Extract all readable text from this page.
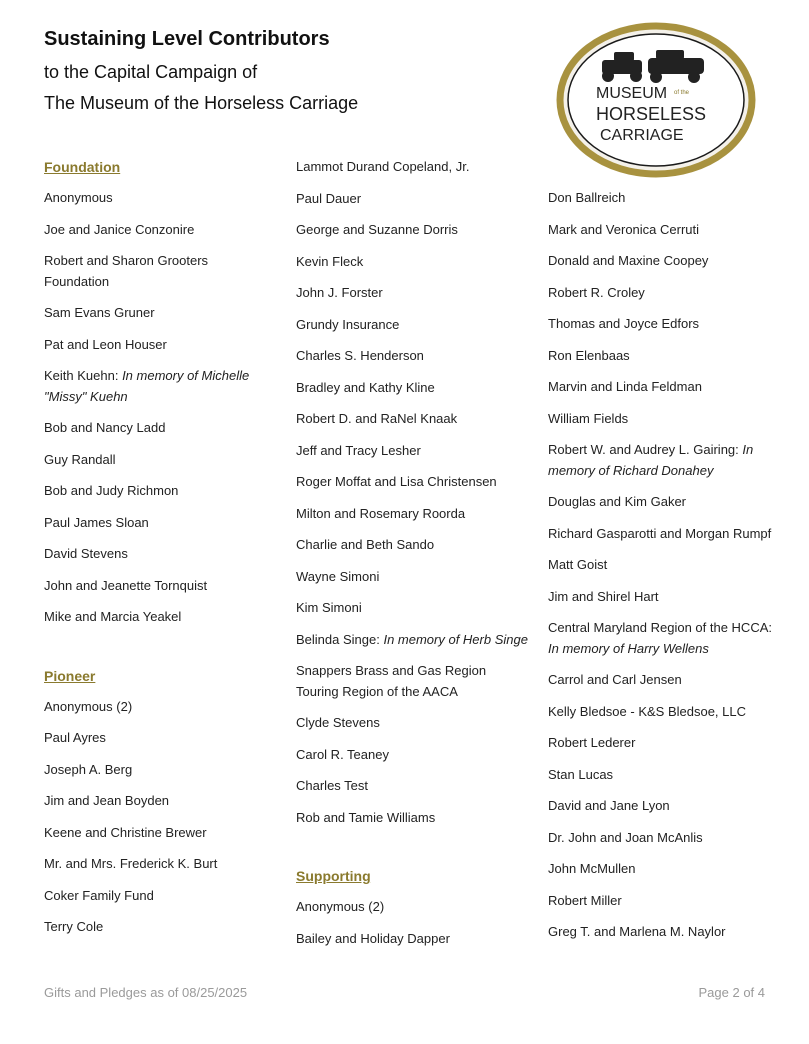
Sustaining Level Contributors
to the Capital Campaign of
The Museum of the Horseless Carriage	MUSEUM of the
HORSELESS
CARRIAGE
Foundation
Anonymous
Joe and Janice Conzonire
Robert and Sharon Grooters Foundation
Sam Evans Gruner
Pat and Leon Houser
Keith Kuehn: In memory of Michelle "Missy" Kuehn
Bob and Nancy Ladd
Guy Randall
Bob and Judy Richmon
Paul James Sloan
David Stevens
John and Jeanette Tornquist
Mike and Marcia Yeakel
Pioneer
Anonymous (2)
Paul Ayres
Joseph A. Berg
Jim and Jean Boyden
Keene and Christine Brewer
Mr. and Mrs. Frederick K. Burt
Coker Family Fund
Terry Cole
Lammot Durand Copeland, Jr.
Paul Dauer
George and Suzanne Dorris
Kevin Fleck
John J. Forster
Grundy Insurance
Charles S. Henderson
Bradley and Kathy Kline
Robert D. and RaNel Knaak
Jeff and Tracy Lesher
Roger Moffat and Lisa Christensen
Milton and Rosemary Roorda
Charlie and Beth Sando
Wayne Simoni
Kim Simoni
Belinda Singe: In memory of Herb Singe
Snappers Brass and Gas Region Touring Region of the AACA
Clyde Stevens
Carol R. Teaney
Charles Test
Rob and Tamie Williams
Supporting
Anonymous (2)
Bailey and Holiday Dapper
Don Ballreich
Mark and Veronica Cerruti
Donald and Maxine Coopey
Robert R. Croley
Thomas and Joyce Edfors
Ron Elenbaas
Marvin and Linda Feldman
William Fields
Robert W. and Audrey L. Gairing: In memory of Richard Donahey
Douglas and Kim Gaker
Richard Gasparotti and Morgan Rumpf
Matt Goist
Jim and Shirel Hart
Central Maryland Region of the HCCA: In memory of Harry Wellens
Carrol and Carl Jensen
Kelly Bledsoe - K&S Bledsoe, LLC
Robert Lederer
Stan Lucas
David and Jane Lyon
Dr. John and Joan McAnlis
John McMullen
Robert Miller
Greg T. and Marlena M. Naylor
Gifts and Pledges as of 08/25/2025	Page 2 of 4
